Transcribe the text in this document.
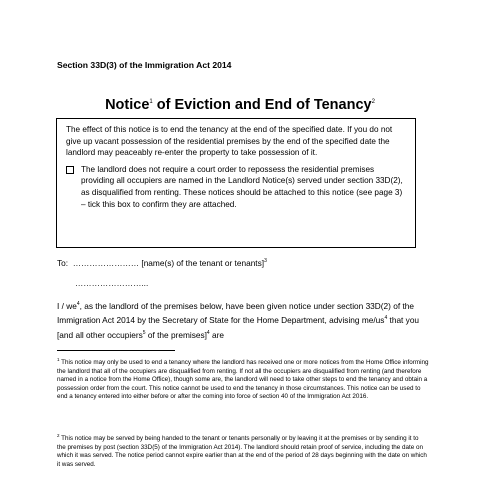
Section 33D(3) of the Immigration Act 2014
Notice$^1$ of Eviction and End of Tenancy$^2$

The effect of this notice is to end the tenancy at the end of the specified date. If you do not give up vacant possession of the residential premises by the end of the specified date the landlord may peaceably re-enter the property to take possession of it.

The landlord does not require a court order to repossess the residential premises providing all occupiers are named in the Landlord Notice(s) served under section 33D(2), as disqualified from renting. These notices should be attached to this notice (see page 3) – tick this box to confirm they are attached.
To: …………………… [name(s) of the tenant or tenants]$^3$
……………………...
I / $we^4$, as the landlord of the premises below, have been given notice under section 33D(2) of the Immigration Act 2014 by the Secretary of State for the Home Department, advising $me/us^4$ that you [and all other occupiers$^5$ of the premises]$^4$ are
$^1$ This notice may only be used to end a tenancy where the landlord has received one or more notices from the Home Office informing the landlord that all of the occupiers are disqualified from renting. If not all the occupiers are disqualified from renting (and therefore named in a notice from the Home Office), though some are, the landlord will need to take other steps to end the tenancy and obtain a possession order from the court. This notice cannot be used to end the tenancy in those circumstances. This notice can be used to end a tenancy entered into either before or after the coming into force of section 40 of the Immigration Act 2016.
$^2$ This notice may be served by being handed to the tenant or tenants personally or by leaving it at the premises or by sending it to the premises by post (section 33D(5) of the Immigration Act 2014). The landlord should retain proof of service, including the date on which it was served. The notice period cannot expire earlier than at the end of the period of 28 days beginning with the date on which it was served.
